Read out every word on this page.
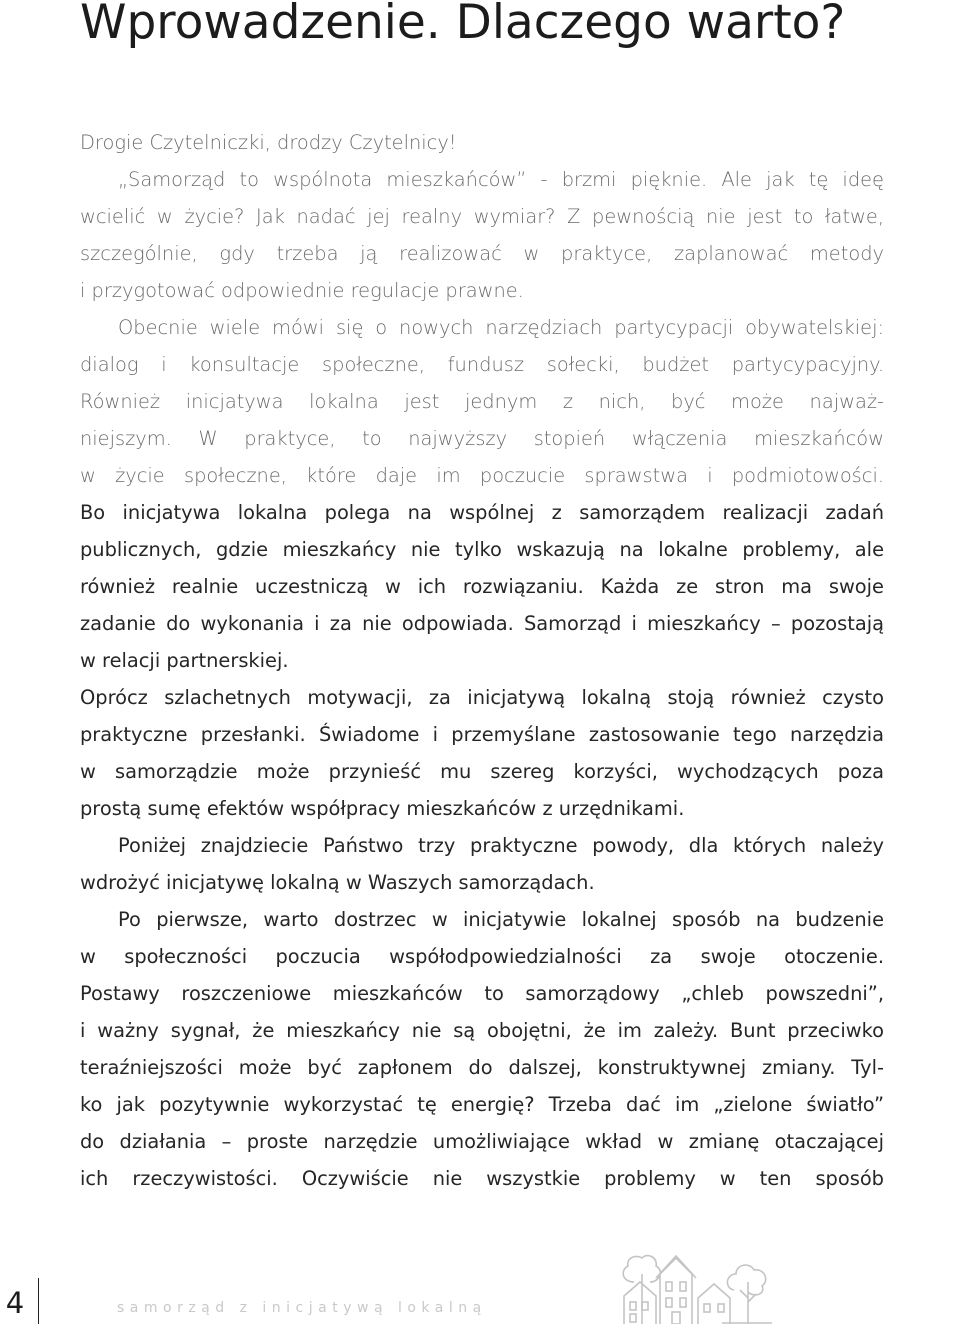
Wprowadzenie. Dlaczego warto?
Drogie Czytelniczki, drodzy Czytelnicy!
„Samorząd to wspólnota mieszkańców” - brzmi pięknie. Ale jak tę ideę
wcielić w życie? Jak nadać jej realny wymiar? Z pewnością nie jest to łatwe,
szczególnie, gdy trzeba ją realizować w praktyce, zaplanować metody
i przygotować odpowiednie regulacje prawne.
Obecnie wiele mówi się o nowych narzędziach partycypacji obywatelskiej:
dialog i konsultacje społeczne, fundusz sołecki, budżet partycypacyjny.
Również inicjatywa lokalna jest jednym z nich, być może najważ-
niejszym. W praktyce, to najwyższy stopień włączenia mieszkańców
w życie społeczne, które daje im poczucie sprawstwa i podmiotowości.
Bo inicjatywa lokalna polega na wspólnej z samorządem realizacji zadań
publicznych, gdzie mieszkańcy nie tylko wskazują na lokalne problemy, ale
również realnie uczestniczą w ich rozwiązaniu. Każda ze stron ma swoje
zadanie do wykonania i za nie odpowiada. Samorząd i mieszkańcy – pozostają
w relacji partnerskiej.
Oprócz szlachetnych motywacji, za inicjatywą lokalną stoją również czysto
praktyczne przesłanki. Świadome i przemyślane zastosowanie tego narzędzia
w samorządzie może przynieść mu szereg korzyści, wychodzących poza
prostą sumę efektów współpracy mieszkańców z urzędnikami.
Poniżej znajdziecie Państwo trzy praktyczne powody, dla których należy
wdrożyć inicjatywę lokalną w Waszych samorządach.
Po pierwsze, warto dostrzec w inicjatywie lokalnej sposób na budzenie
w społeczności poczucia współodpowiedzialności za swoje otoczenie.
Postawy roszczeniowe mieszkańców to samorządowy „chleb powszedni”,
i ważny sygnał, że mieszkańcy nie są obojętni, że im zależy. Bunt przeciwko
teraźniejszości może być zapłonem do dalszej, konstruktywnej zmiany. Tyl-
ko jak pozytywnie wykorzystać tę energię? Trzeba dać im „zielone światło”
do działania – proste narzędzie umożliwiające wkład w zmianę otaczającej
ich rzeczywistości. Oczywiście nie wszystkie problemy w ten sposób
4	samorząd z inicjatywą lokalną
